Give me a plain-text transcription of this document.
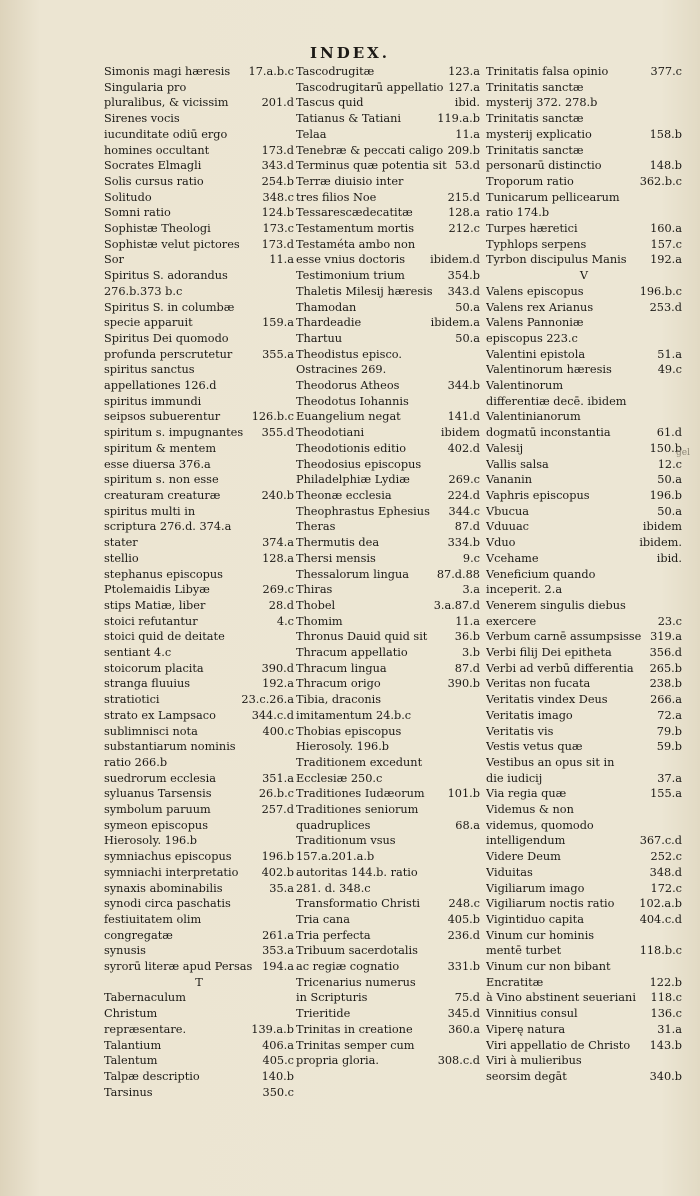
INDEX.
Simonis magi hæresis 17.a.b.c
Singularia pro pluralibus, & vicissim	201.d
Sirenes vocis iucunditate odiū ergo homines occultant	173.d
Socrates Elmagli	343.d
Solis cursus ratio	254.b
Solitudo	348.c
Somni ratio	124.b
Sophistæ Theologi	173.c
Sophistæ velut pictores 173.d
Sor	11.a
Spiritus S. adorandus 276.b.373 b.c
Spiritus S. in columbæ specie apparuit	159.a
Spiritus Dei quomodo profunda perscrutetur	355.a
spiritus sanctus appellationes 126.d
spiritus immundi seipsos subuerentur	126.b.c
spiritum s. impugnantes 355.d
spiritum & mentem esse diuersa 376.a
spiritum s. non esse creaturam creaturæ	240.b
spiritus multi in scriptura 276.d. 374.a
stater	374.a
stellio	128.a
stephanus episcopus Ptolemaidis Libyæ	269.c
stips Matiæ, liber	28.d
stoici refutantur	4.c
stoici quid de deitate sentiant 4.c
stoicorum placita	390.d
stranga fluuius	192.a
stratiotici	23.c.26.a
strato ex Lampsaco	344.c.d
sublimnisci nota	400.c
substantiarum nominis ratio 266.b
suedrorum ecclesia	351.a
syluanus Tarsensis	26.b.c
symbolum paruum	257.d
symeon episcopus Hierosoly. 196.b
symniachus episcopus	196.b
symniachi interpretatio 402.b
synaxis abominabilis	35.a
synodi circa paschatis festiuitatem olim congregatæ	261.a
synusis	353.a
syrorū literæ apud Persas 194.a
T
Tabernaculum Christum repræsentare.	139.a.b
Talantium	406.a
Talentum	405.c
Talpæ descriptio	140.b
Tarsinus	350.c
Tascodrugitæ	123.a
Tascodrugitarū appellatio 127.a
Tascus quid	ibid.
Tatianus & Tatiani	119.a.b
Telaa	11.a
Tenebræ & peccati caligo 209.b
Terminus quæ potentia sit 53.d
Terræ diuisio inter tres filios Noe	215.d
Tessarescædecatitæ	128.a
Testamentum mortis	212.c
Testaméta ambo non esse vnius doctoris	ibidem.d
Testimonium trium	354.b
Thaletis Milesij hæresis 343.d
Thamodan	50.a
Thardeadie	ibidem.a
Thartuu	50.a
Theodistus episco. Ostracines 269.
Theodorus Atheos	344.b
Theodotus Iohannis Euangelium negat	141.d
Theodotiani	ibidem
Theodotionis editio	402.d
Theodosius episcopus Philadelphiæ Lydiæ	269.c
Theonæ ecclesia	224.d
Theophrastus Ephesius 344.c
Theras	87.d
Thermutis dea	334.b
Thersi mensis	9.c
Thessalorum lingua 87.d.88
Thiras	3.a
Thobel	3.a.87.d
Thomim	11.a
Thronus Dauid quid sit 36.b
Thracum appellatio	3.b
Thracum lingua	87.d
Thracum origo	390.b
Tibia, draconis imitamentum 24.b.c
Thobias episcopus Hierosoly. 196.b
Traditionem excedunt Ecclesiæ 250.c
Traditiones Iudæorum 101.b
Traditiones seniorum quadruplices	68.a
Traditionum vsus 157.a.201.a.b autoritas 144.b. ratio 281. d. 348.c
Transformatio Christi	248.c
Tria cana	405.b
Tria perfecta	236.d
Tribuum sacerdotalis ac regiæ cognatio	331.b
Tricenarius numerus in Scripturis	75.d
Trieritide	345.d
Trinitas in creatione	360.a
Trinitas semper cum propria gloria.	308.c.d
Trinitatis falsa opinio	377.c
Trinitatis sanctæ mysterij 372. 278.b
Trinitatis sanctæ mysterij explicatio	158.b
Trinitatis sanctæ personarū distinctio	148.b
Troporum ratio	362.b.c
Tunicarum pellicearum ratio 174.b
Turpes hæretici	160.a
Typhlops serpens	157.c
Tyrbon discipulus Manis 192.a
V
Valens episcopus	196.b.c
Valens rex Arianus	253.d
Valens Pannoniæ episcopus 223.c
Valentini epistola	51.a
Valentinorum hæresis	49.c
Valentinorum differentiæ decē. ibidem
Valentinianorum dogmatū inconstantia	61.d
Valesij	150.b
Vallis salsa	12.c
Vananin	50.a
Vaphris episcopus	196.b
Vbucua	50.a
Vduuac	ibidem
Vduo	ibidem.
Vcehame	ibid.
Veneficium quando inceperit. 2.a
Venerem singulis diebus exercere	23.c
Verbum carnē assumpsisse 319.a
Verbi filij Dei epitheta	356.d
Verbi ad verbū differentia 265.b
Veritas non fucata	238.b
Veritatis vindex Deus	266.a
Veritatis imago	72.a
Veritatis vis	79.b
Vestis vetus quæ	59.b
Vestibus an opus sit in die iudicij	37.a
Via regia quæ	155.a
Videmus & non videmus, quomodo intelligendum	367.c.d
Videre Deum	252.c
Viduitas	348.d
Vigiliarum imago	172.c
Vigiliarum noctis ratio 102.a.b
Vigintiduo capita	404.c.d
Vinum cur hominis mentē turbet	118.b.c
Vinum cur non bibant Encratitæ	122.b
à Vino abstinent seueriani 118.c
Vinnitius consul	136.c
Viperę natura	31.a
Viri appellatio de Christo 143.b
Viri à mulieribus seorsim degāt	340.b
gel
